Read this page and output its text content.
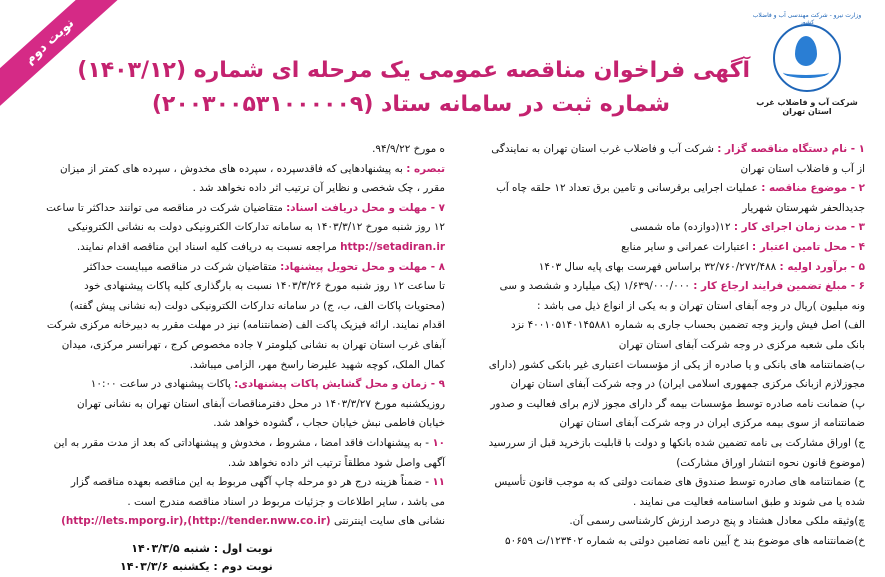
نوبت دوم
وزارت نیرو - شرکت مهندسی آب و فاضلاب کشور
شرکت آب و فاضلاب غرب استان تهران
آگهی فراخوان مناقصه عمومی یک مرحله ای شماره (۱۴۰۳/۱۲)
شماره ثبت در سامانه ستاد (۲۰۰۳۰۰۵۳۱۰۰۰۰۰۹)
۱ - نام دستگاه مناقصه گزار : شرکت آب و فاضلاب غرب استان تهران به نمایندگی
از آب و فاضلاب استان تهران
۲ - موضوع مناقصه : عملیات اجرایی برقرسانی و تامین برق تعداد ۱۲ حلقه چاه آب
جدیدالحفر شهرستان شهریار
۳ - مدت زمان اجرای کار : ۱۲(دوازده) ماه شمسی
۴ - محل تامین اعتبار : اعتبارات عمرانی و سایر منابع
۵ - برآورد اولیه : ۳۲/۷۶۰/۲۷۲/۴۸۸ براساس فهرست بهای پایه سال ۱۴۰۳
۶ - مبلغ تضمین فرایند ارجاع کار : ۱/۶۳۹/۰۰۰/۰۰۰ (یک میلیارد و ششصد و سی
ونه میلیون )ریال در وجه آبفای استان تهران و به یکی از انواع ذیل می باشد :
الف) اصل فیش واریز وجه تضمین بحساب جاری به شماره ۴۰۰۱۰۵۱۴۰۱۴۵۸۸۱ نزد
بانک ملی شعبه مرکزی در وجه شرکت آبفای استان تهران
ب)ضمانتنامه های بانکی و یا صادره از یکی از مؤسسات اعتباری غیر بانکی کشور (دارای
مجوزلازم ازبانک مرکزی جمهوری اسلامی ایران) در وجه شرکت آبفای استان تهران
پ) ضمانت نامه صادره توسط مؤسسات بیمه گر دارای مجوز لازم برای فعالیت و صدور
ضمانتنامه از سوی بیمه مرکزی ایران در وجه شرکت آبفای استان تهران
ج) اوراق مشارکت بی نامه تضمین شده بانکها و دولت با قابلیت بازخرید قبل از سررسید
(موضوع قانون نحوه انتشار اوراق مشارکت)
ح) ضمانتنامه های صادره توسط صندوق های ضمانت دولتی که به موجب قانون تأسیس
شده یا می شوند و طبق اساسنامه فعالیت می نمایند .
چ)وثیقه ملکی معادل هشتاد و پنج درصد ارزش کارشناسی رسمی آن.
خ)ضمانتنامه های موضوع بند خ آیین نامه تضامین دولتی به شماره ۱۲۳۴۰۲/ت ۵۰۶۵۹
ه مورخ ۹۴/۹/۲۲.
تبصره : به پیشنهادهایی که فاقدسپرده ، سپرده های مخدوش ، سپرده های کمتر از میزان
مقرر ، چک شخصی و نظایر آن ترتیب اثر داده نخواهد شد .
۷ - مهلت و محل دریافت اسناد: متقاضیان شرکت در مناقصه می توانند حداکثر تا ساعت
۱۲ روز شنبه مورخ ۱۴۰۳/۳/۱۲ به سامانه تدارکات الکترونیکی دولت به نشانی الکترونیکی
http://setadiran.ir مراجعه نسبت به دریافت کلیه اسناد این مناقصه اقدام نمایند.
۸ - مهلت و محل تحویل پیشنهاد: متقاضیان شرکت در مناقصه میبایست حداکثر
تا ساعت ۱۲ روز شنبه مورخ ۱۴۰۳/۳/۲۶ نسبت به بارگذاری کلیه پاکات پیشنهادی خود
(محتویات پاکات الف، ب، ج) در سامانه تدارکات الکترونیکی دولت (به نشانی پیش گفته)
اقدام نمایند. ارائه فیزیک پاکت الف (ضمانتنامه) نیز در مهلت مقرر به دبیرخانه مرکزی شرکت
آبفای غرب استان تهران به نشانی کیلومتر ۷ جاده مخصوص کرج ، تهرانسر مرکزی، میدان
کمال الملک، کوچه شهید علیرضا راسخ مهر، الزامی میباشد.
۹ - زمان و محل گشایش پاکات پیشنهادی: پاکات پیشنهادی در ساعت ۱۰:۰۰
روزیکشنبه مورخ ۱۴۰۳/۳/۲۷ در محل دفترمناقصات آبفای استان تهران به نشانی تهران
خیابان فاطمی نبش خیابان حجاب ، گشوده خواهد شد.
۱۰ - به پیشنهادات فاقد امضا ، مشروط ، مخدوش و پیشنهاداتی که بعد از مدت مقرر به این
آگهی واصل شود مطلقاً ترتیب اثر داده نخواهد شد.
۱۱ - ضمناً هزینه درج هر دو مرحله چاپ آگهی مربوط به این مناقصه بعهده مناقصه گزار
می باشد ، سایر اطلاعات و جزئیات مربوط در اسناد مناقصه مندرج است .
نشانی های سایت اینترنتی (http://lets.mporg.ir),(http://tender.nww.co.ir)
نوبت اول : شنبه ۱۴۰۳/۳/۵
نوبت دوم : یکشنبه ۱۴۰۳/۳/۶
